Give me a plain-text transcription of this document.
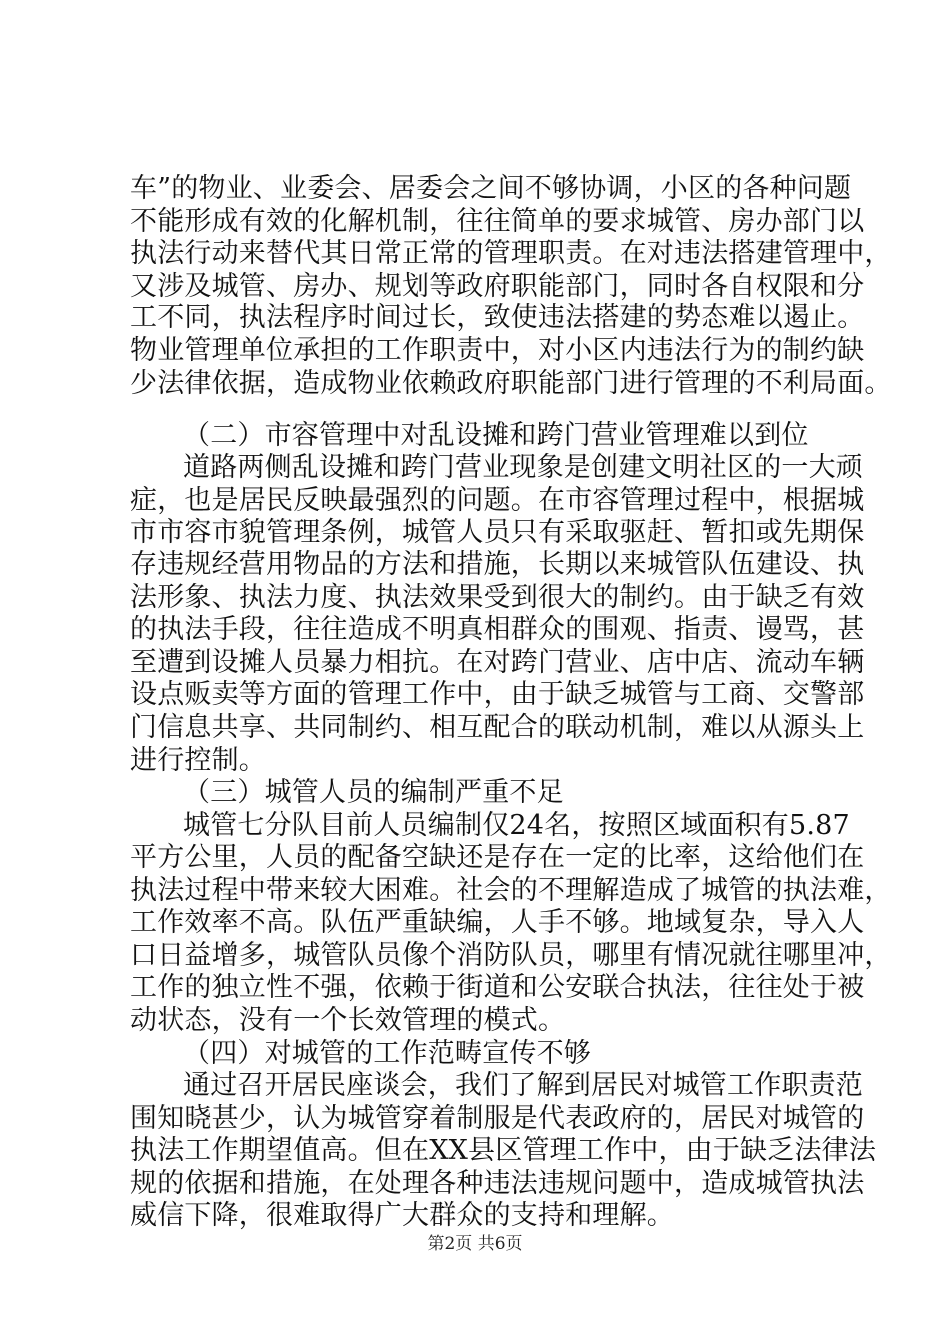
车”的物业、业委会、居委会之间不够协调，小区的各种问题
不能形成有效的化解机制，往往简单的要求城管、房办部门以
执法行动来替代其日常正常的管理职责。在对违法搭建管理中，
又涉及城管、房办、规划等政府职能部门，同时各自权限和分
工不同，执法程序时间过长，致使违法搭建的势态难以遏止。
物业管理单位承担的工作职责中，对小区内违法行为的制约缺
少法律依据，造成物业依赖政府职能部门进行管理的不利局面。
（二）市容管理中对乱设摊和跨门营业管理难以到位
道路两侧乱设摊和跨门营业现象是创建文明社区的一大顽
症，也是居民反映最强烈的问题。在市容管理过程中，根据城
市市容市貌管理条例，城管人员只有采取驱赶、暂扣或先期保
存违规经营用物品的方法和措施，长期以来城管队伍建设、执
法形象、执法力度、执法效果受到很大的制约。由于缺乏有效
的执法手段，往往造成不明真相群众的围观、指责、谩骂，甚
至遭到设摊人员暴力相抗。在对跨门营业、店中店、流动车辆
设点贩卖等方面的管理工作中，由于缺乏城管与工商、交警部
门信息共享、共同制约、相互配合的联动机制，难以从源头上
进行控制。
（三）城管人员的编制严重不足
城管七分队目前人员编制仅24名，按照区域面积有5.87
平方公里，人员的配备空缺还是存在一定的比率，这给他们在
执法过程中带来较大困难。社会的不理解造成了城管的执法难，
工作效率不高。队伍严重缺编，人手不够。地域复杂，导入人
口日益增多，城管队员像个消防队员，哪里有情况就往哪里冲，
工作的独立性不强，依赖于街道和公安联合执法，往往处于被
动状态，没有一个长效管理的模式。
（四）对城管的工作范畴宣传不够
通过召开居民座谈会，我们了解到居民对城管工作职责范
围知晓甚少，认为城管穿着制服是代表政府的，居民对城管的
执法工作期望值高。但在XX县区管理工作中，由于缺乏法律法
规的依据和措施，在处理各种违法违规问题中，造成城管执法
威信下降，很难取得广大群众的支持和理解。
第2页 共6页
